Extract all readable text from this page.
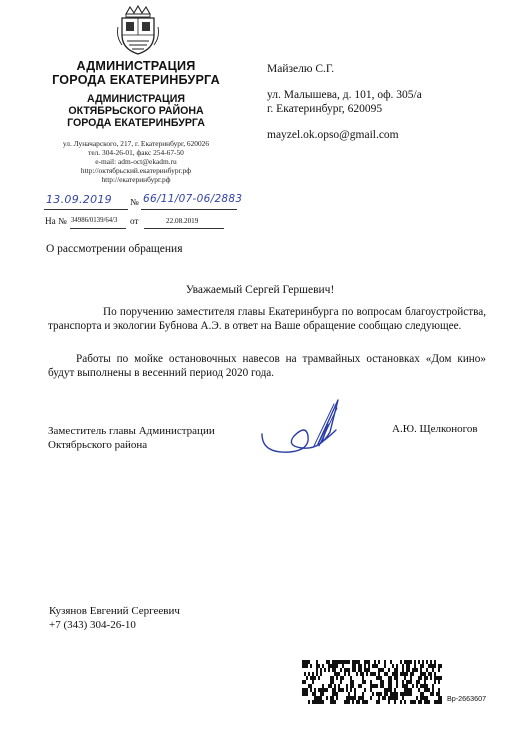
АДМИНИСТРАЦИЯ
ГОРОДА ЕКАТЕРИНБУРГА
АДМИНИСТРАЦИЯ
ОКТЯБРЬСКОГО РАЙОНА
ГОРОДА ЕКАТЕРИНБУРГА
ул. Луначарского, 217, г. Екатеринбург, 620026
тел. 304-26-01, факс 254-67-50
e-mail: adm-oct@ekadm.ru
http://октябрьский.екатеринбург.рф
http://екатеринбург.рф
Майзелю С.Г.
ул. Малышева, д. 101, оф. 305/а
г. Екатеринбург, 620095
mayzel.ok.opso@gmail.com
13.09.2019 № 66/11/07-06/2883
На № 34986/0139/64/3 от	22.08.2019
О рассмотрении обращения
Уважаемый Сергей Гершевич!
По поручению заместителя главы Екатеринбурга по вопросам благоустройства, транспорта и экологии Бубнова А.Э. в ответ на Ваше обращение сообщаю следующее.
Работы по мойке остановочных навесов на трамвайных остановках «Дом кино» будут выполнены в весенний период 2020 года.
Заместитель главы Администрации
Октябрьского района
А.Ю. Щелконогов
Кузянов Евгений Сергеевич
+7 (343) 304-26-10
Вр-2663607
